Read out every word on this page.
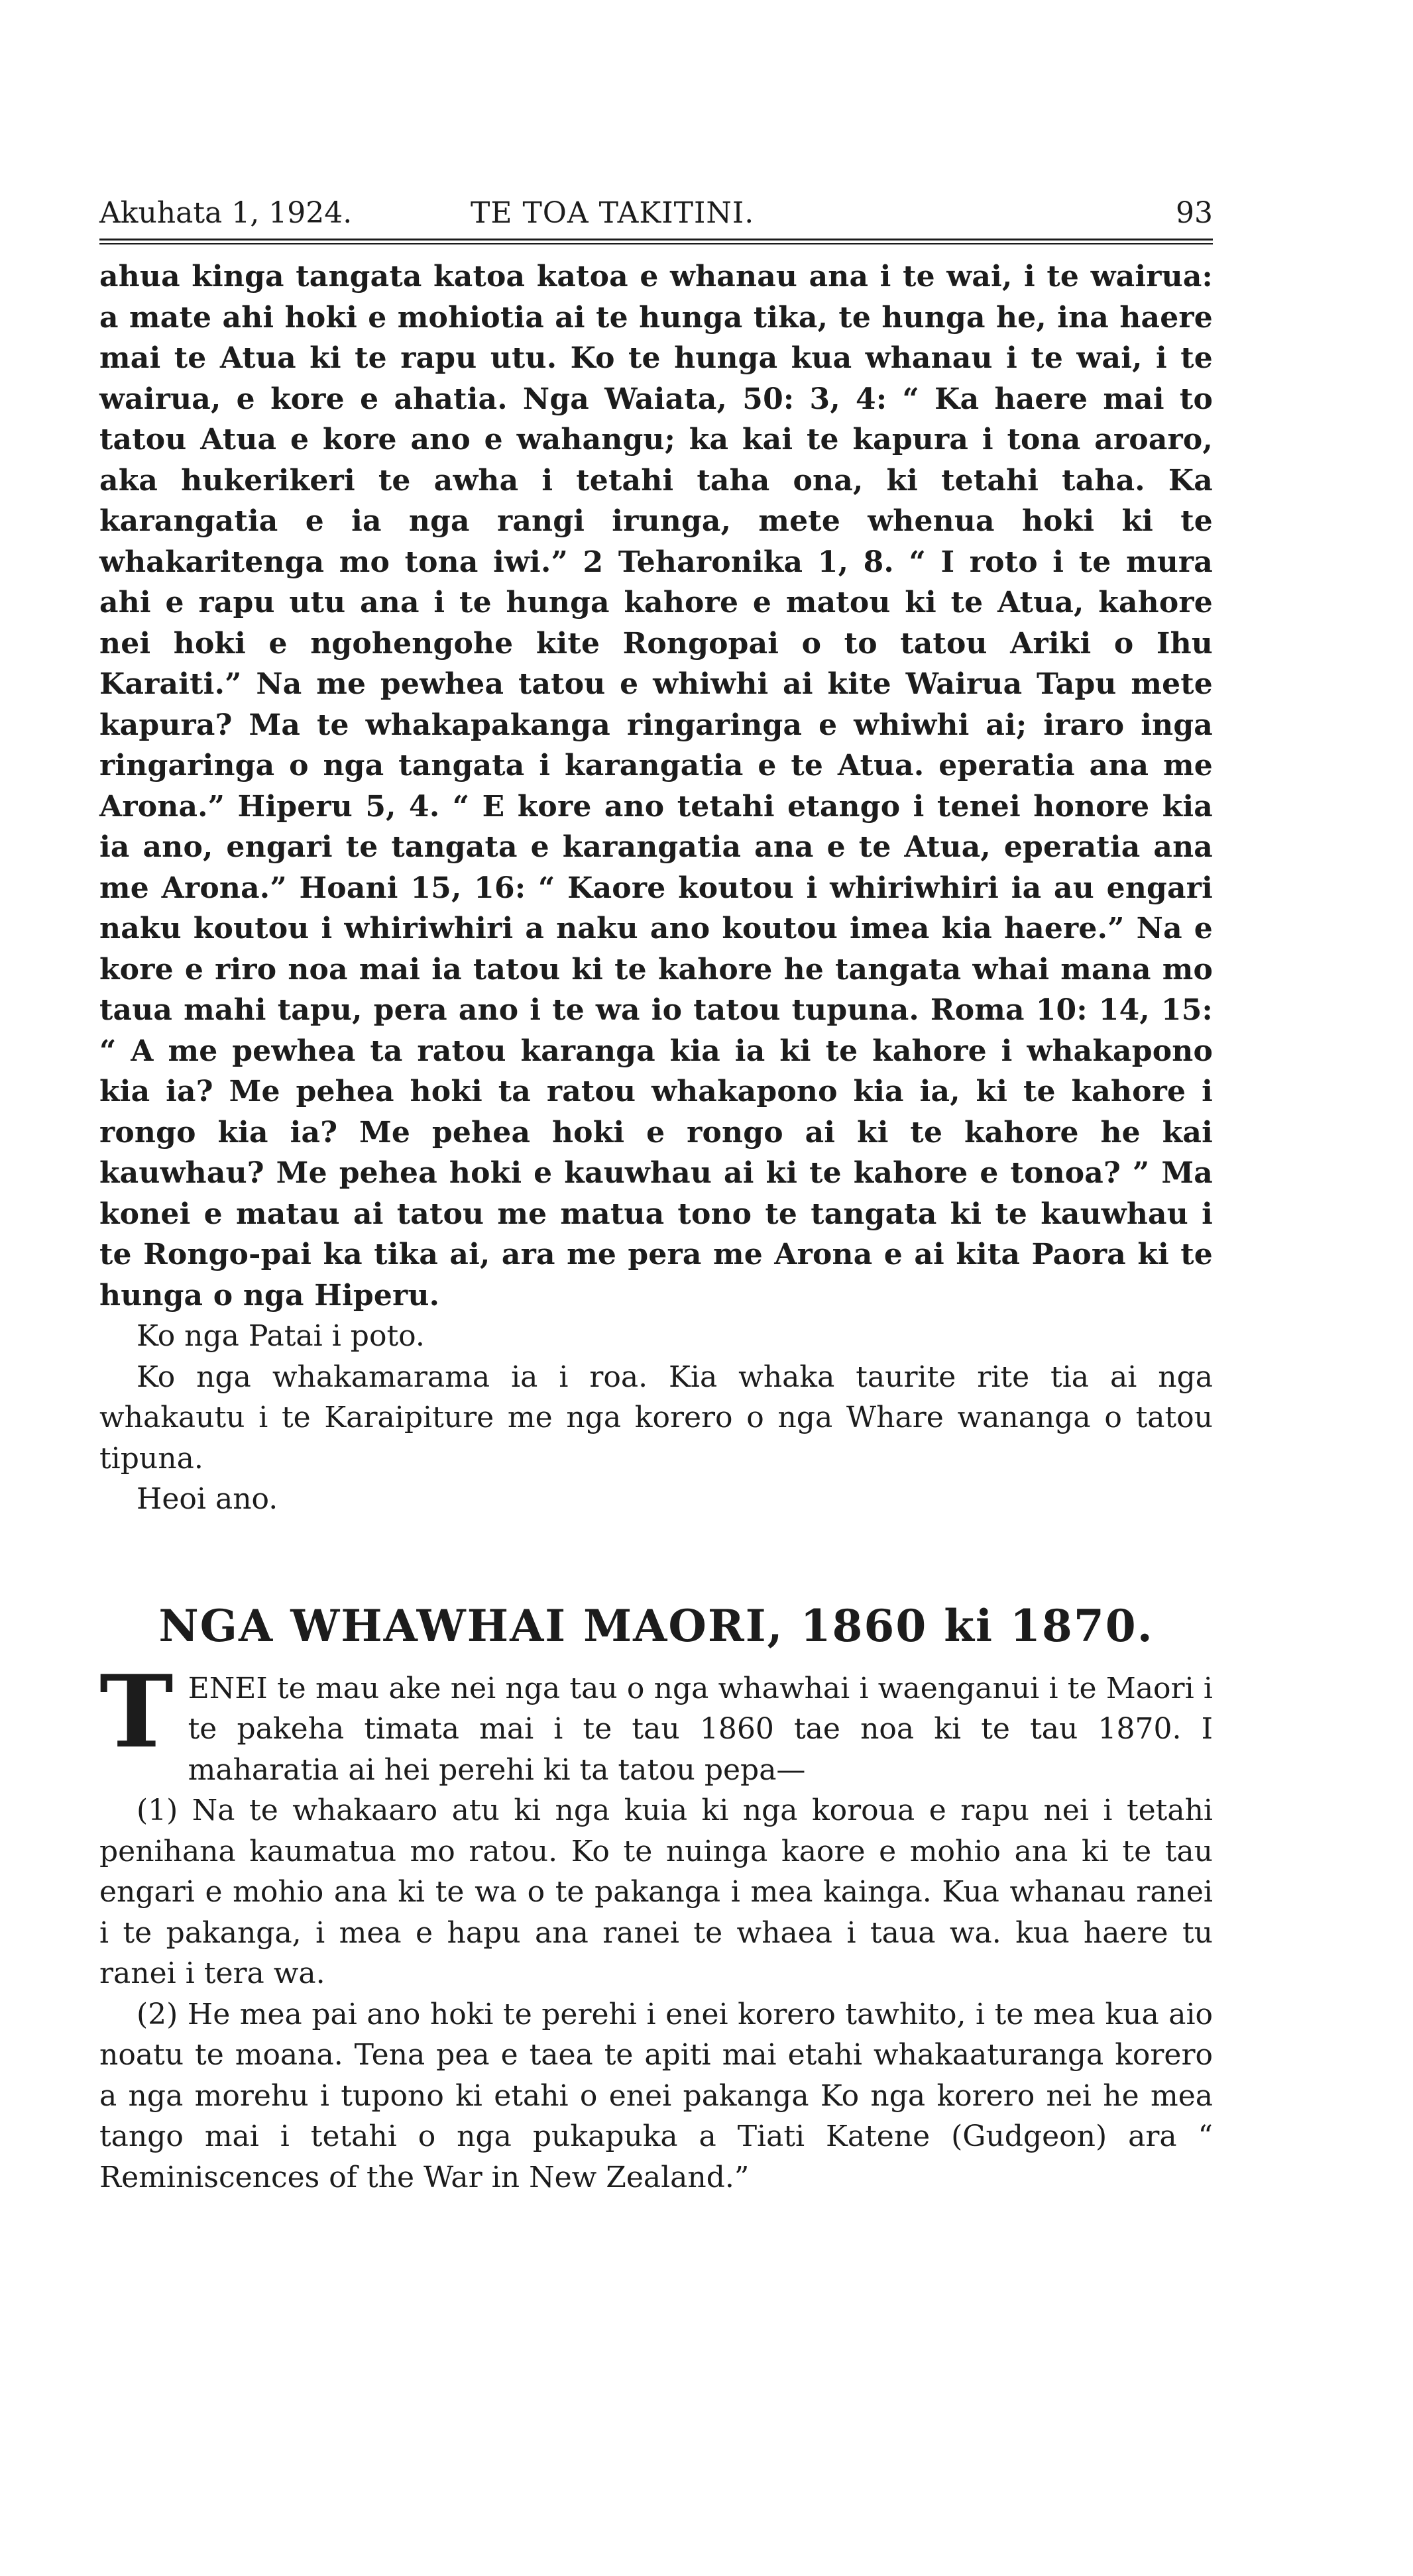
Akuhata 1, 1924.	TE TOA TAKITINI.	93

ahua kinga tangata katoa katoa e whanau ana i te wai, i te wairua: a mate ahi hoki e mohiotia ai te hunga tika, te hunga he, ina haere mai te Atua ki te rapu utu. Ko te hunga kua whanau i te wai, i te wairua, e kore e ahatia. Nga Waiata, 50: 3, 4: “ Ka haere mai to tatou Atua e kore ano e wahangu; ka kai te kapura i tona aroaro, aka hukerikeri te awha i tetahi taha ona, ki tetahi taha. Ka karangatia e ia nga rangi irunga, mete whenua hoki ki te whakaritenga mo tona iwi.” 2 Teharonika 1, 8. “ I roto i te mura ahi e rapu utu ana i te hunga kahore e matou ki te Atua, kahore nei hoki e ngohengohe kite Rongopai o to tatou Ariki o Ihu Karaiti.” Na me pewhea tatou e whiwhi ai kite Wairua Tapu mete kapura? Ma te whakapakanga ringaringa e whiwhi ai; iraro inga ringaringa o nga tangata i karangatia e te Atua. eperatia ana me Arona.” Hiperu 5, 4. “ E kore ano tetahi etango i tenei honore kia ia ano, engari te tangata e karangatia ana e te Atua, eperatia ana me Arona.” Hoani 15, 16: “ Kaore koutou i whiriwhiri ia au engari naku koutou i whiriwhiri a naku ano koutou imea kia haere.” Na e kore e riro noa mai ia tatou ki te kahore he tangata whai mana mo taua mahi tapu, pera ano i te wa io tatou tupuna. Roma 10: 14, 15: “ A me pewhea ta ratou karanga kia ia ki te kahore i whakapono kia ia? Me pehea hoki ta ratou whakapono kia ia, ki te kahore i rongo kia ia? Me pehea hoki e rongo ai ki te kahore he kai kauwhau? Me pehea hoki e kauwhau ai ki te kahore e tonoa? ” Ma konei e matau ai tatou me matua tono te tangata ki te kauwhau i te Rongo-pai ka tika ai, ara me pera me Arona e ai kita Paora ki te hunga o nga Hiperu.

Ko nga Patai i poto.

Ko nga whakamarama ia i roa. Kia whaka taurite rite tia ai nga whakautu i te Karaipiture me nga korero o nga Whare wananga o tatou tipuna.

Heoi ano.

NGA WHAWHAI MAORI, 1860 ki 1870.
T ENEI te mau ake nei nga tau o nga whawhai i waenganui i te Maori i te pakeha timata mai i te tau 1860 tae noa ki te tau 1870. I maharatia ai hei perehi ki ta tatou pepa—

(1) Na te whakaaro atu ki nga kuia ki nga koroua e rapu nei i tetahi penihana kaumatua mo ratou. Ko te nuinga kaore e mohio ana ki te tau engari e mohio ana ki te wa o te pakanga i mea kainga. Kua whanau ranei i te pakanga, i mea e hapu ana ranei te whaea i taua wa. kua haere tu ranei i tera wa.

(2) He mea pai ano hoki te perehi i enei korero tawhito, i te mea kua aio noatu te moana. Tena pea e taea te apiti mai etahi whakaaturanga korero a nga morehu i tupono ki etahi o enei pakanga Ko nga korero nei he mea tango mai i tetahi o nga pukapuka a Tiati Katene (Gudgeon) ara “ Reminiscences of the War in New Zealand.”
